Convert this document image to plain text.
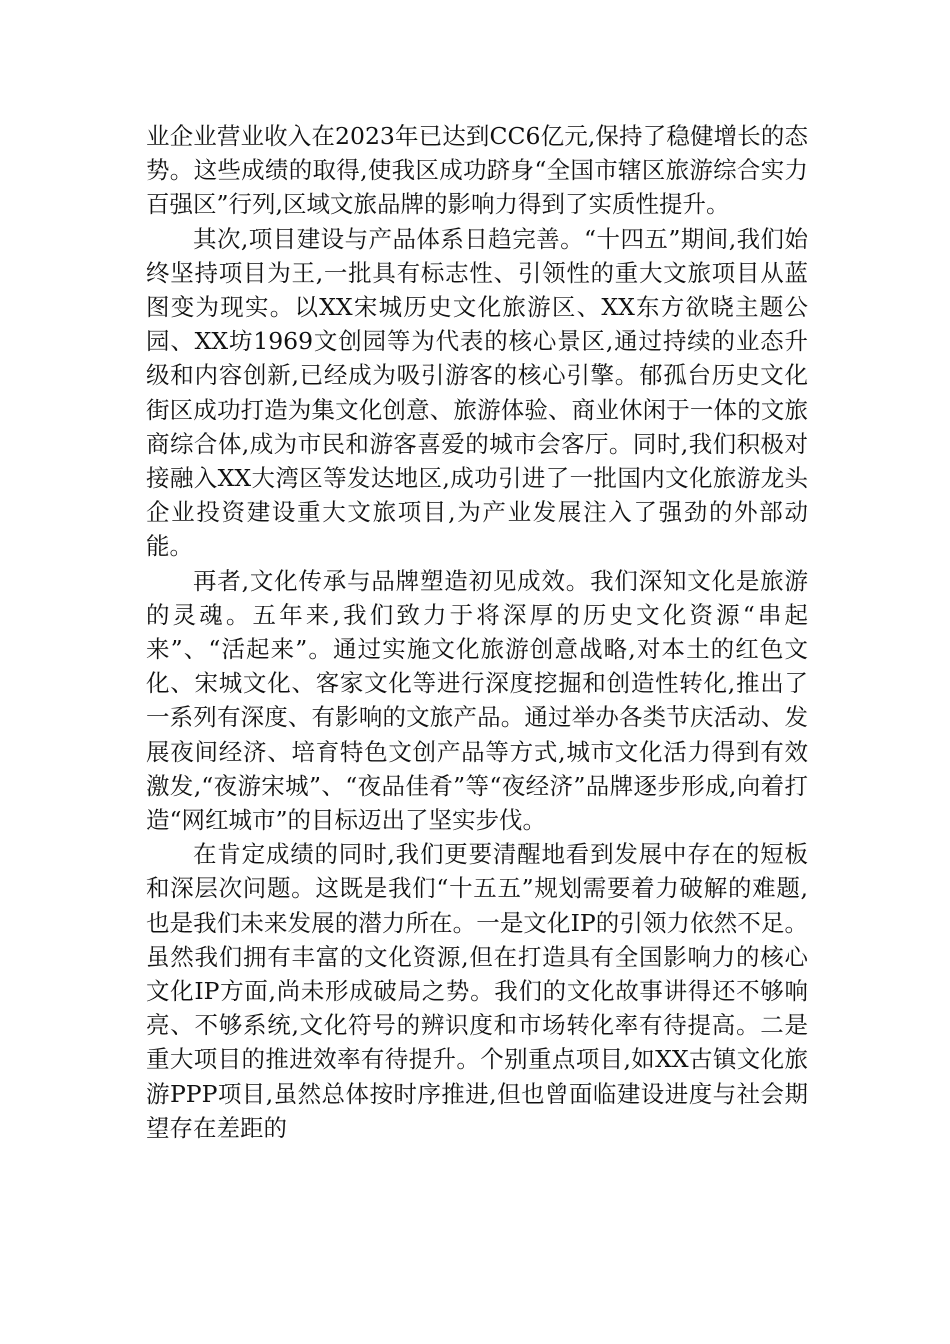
业企业营业收入在2023年已达到CC6亿元,保持了稳健增长的态势。这些成绩的取得,使我区成功跻身“全国市辖区旅游综合实力百强区”行列,区域文旅品牌的影响力得到了实质性提升。

其次,项目建设与产品体系日趋完善。“十四五”期间,我们始终坚持项目为王,一批具有标志性、引领性的重大文旅项目从蓝图变为现实。以XX宋城历史文化旅游区、XX东方欲晓主题公园、XX坊1969文创园等为代表的核心景区,通过持续的业态升级和内容创新,已经成为吸引游客的核心引擎。郁孤台历史文化街区成功打造为集文化创意、旅游体验、商业休闲于一体的文旅商综合体,成为市民和游客喜爱的城市会客厅。同时,我们积极对接融入XX大湾区等发达地区,成功引进了一批国内文化旅游龙头企业投资建设重大文旅项目,为产业发展注入了强劲的外部动能。

再者,文化传承与品牌塑造初见成效。我们深知文化是旅游的灵魂。五年来,我们致力于将深厚的历史文化资源“串起来”、“活起来”。通过实施文化旅游创意战略,对本土的红色文化、宋城文化、客家文化等进行深度挖掘和创造性转化,推出了一系列有深度、有影响的文旅产品。通过举办各类节庆活动、发展夜间经济、培育特色文创产品等方式,城市文化活力得到有效激发,“夜游宋城”、“夜品佳肴”等“夜经济”品牌逐步形成,向着打造“网红城市”的目标迈出了坚实步伐。

在肯定成绩的同时,我们更要清醒地看到发展中存在的短板和深层次问题。这既是我们“十五五”规划需要着力破解的难题,也是我们未来发展的潜力所在。一是文化IP的引领力依然不足。虽然我们拥有丰富的文化资源,但在打造具有全国影响力的核心文化IP方面,尚未形成破局之势。我们的文化故事讲得还不够响亮、不够系统,文化符号的辨识度和市场转化率有待提高。二是重大项目的推进效率有待提升。个别重点项目,如XX古镇文化旅游PPP项目,虽然总体按时序推进,但也曾面临建设进度与社会期望存在差距的
